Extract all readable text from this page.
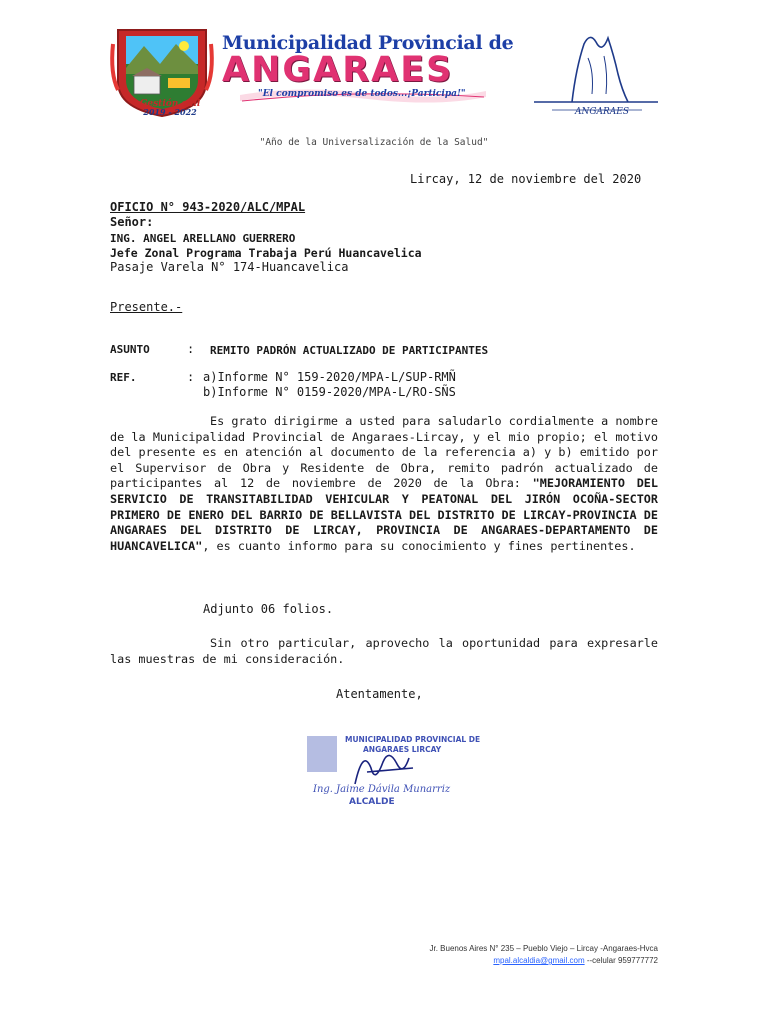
Gestión edil
2019 - 2022
Municipalidad Provincial de
ANGARAES
"El compromiso es de todos...¡Participa!"
ANGARAES
"Año de la Universalización de la Salud"
Lircay, 12 de noviembre del 2020
OFICIO N° 943-2020/ALC/MPAL
Señor:
ING. ANGEL ARELLANO GUERRERO
Jefe Zonal Programa Trabaja Perú Huancavelica
Pasaje Varela N° 174-Huancavelica
Presente.-
ASUNTO	: REMITO PADRÓN ACTUALIZADO DE PARTICIPANTES
REF.	: a)Informe N° 159-2020/MPA-L/SUP-RMÑ
b)Informe N° 0159-2020/MPA-L/RO-SÑS
Es grato dirigirme a usted para saludarlo cordialmente a nombre de la Municipalidad Provincial de Angaraes-Lircay, y el mio propio; el motivo del presente es en atención al documento de la referencia a) y b) emitido por el Supervisor de Obra y Residente de Obra, remito padrón actualizado de participantes al 12 de noviembre de 2020 de la Obra: "MEJORAMIENTO DEL SERVICIO DE TRANSITABILIDAD VEHICULAR Y PEATONAL DEL JIRÓN OCOÑA-SECTOR PRIMERO DE ENERO DEL BARRIO DE BELLAVISTA DEL DISTRITO DE LIRCAY-PROVINCIA DE ANGARAES DEL DISTRITO DE LIRCAY, PROVINCIA DE ANGARAES-DEPARTAMENTO DE HUANCAVELICA", es cuanto informo para su conocimiento y fines pertinentes.
Adjunto 06 folios.
Sin otro particular, aprovecho la oportunidad para expresarle las muestras de mi consideración.
Atentamente,
MUNICIPALIDAD PROVINCIAL DE
ANGARAES LIRCAY
Ing. Jaime Dávila Munarriz
ALCALDE
Jr. Buenos Aires N° 235 – Pueblo Viejo – Lircay -Angaraes-Hvca
mpal.alcaldia@gmail.com --celular 959777772
